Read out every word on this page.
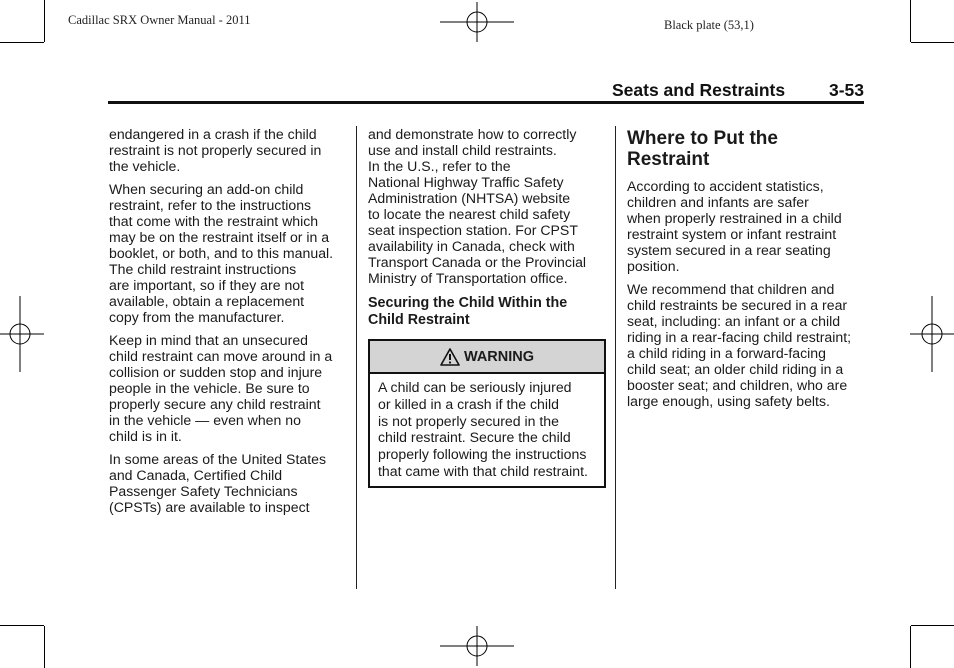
Cadillac SRX Owner Manual - 2011	Black plate (53,1)
Seats and Restraints	3-53

endangered in a crash if the child
restraint is not properly secured in
the vehicle.

When securing an add-on child
restraint, refer to the instructions
that come with the restraint which
may be on the restraint itself or in a
booklet, or both, and to this manual.
The child restraint instructions
are important, so if they are not
available, obtain a replacement
copy from the manufacturer.

Keep in mind that an unsecured
child restraint can move around in a
collision or sudden stop and injure
people in the vehicle. Be sure to
properly secure any child restraint
in the vehicle — even when no
child is in it.

In some areas of the United States
and Canada, Certified Child
Passenger Safety Technicians
(CPSTs) are available to inspect

and demonstrate how to correctly
use and install child restraints.
In the U.S., refer to the
National Highway Traffic Safety
Administration (NHTSA) website
to locate the nearest child safety
seat inspection station. For CPST
availability in Canada, check with
Transport Canada or the Provincial
Ministry of Transportation office.

Securing the Child Within the
Child Restraint
WARNING
A child can be seriously injured
or killed in a crash if the child
is not properly secured in the
child restraint. Secure the child
properly following the instructions
that came with that child restraint.
Where to Put the
Restraint

According to accident statistics,
children and infants are safer
when properly restrained in a child
restraint system or infant restraint
system secured in a rear seating
position.

We recommend that children and
child restraints be secured in a rear
seat, including: an infant or a child
riding in a rear-facing child restraint;
a child riding in a forward-facing
child seat; an older child riding in a
booster seat; and children, who are
large enough, using safety belts.
